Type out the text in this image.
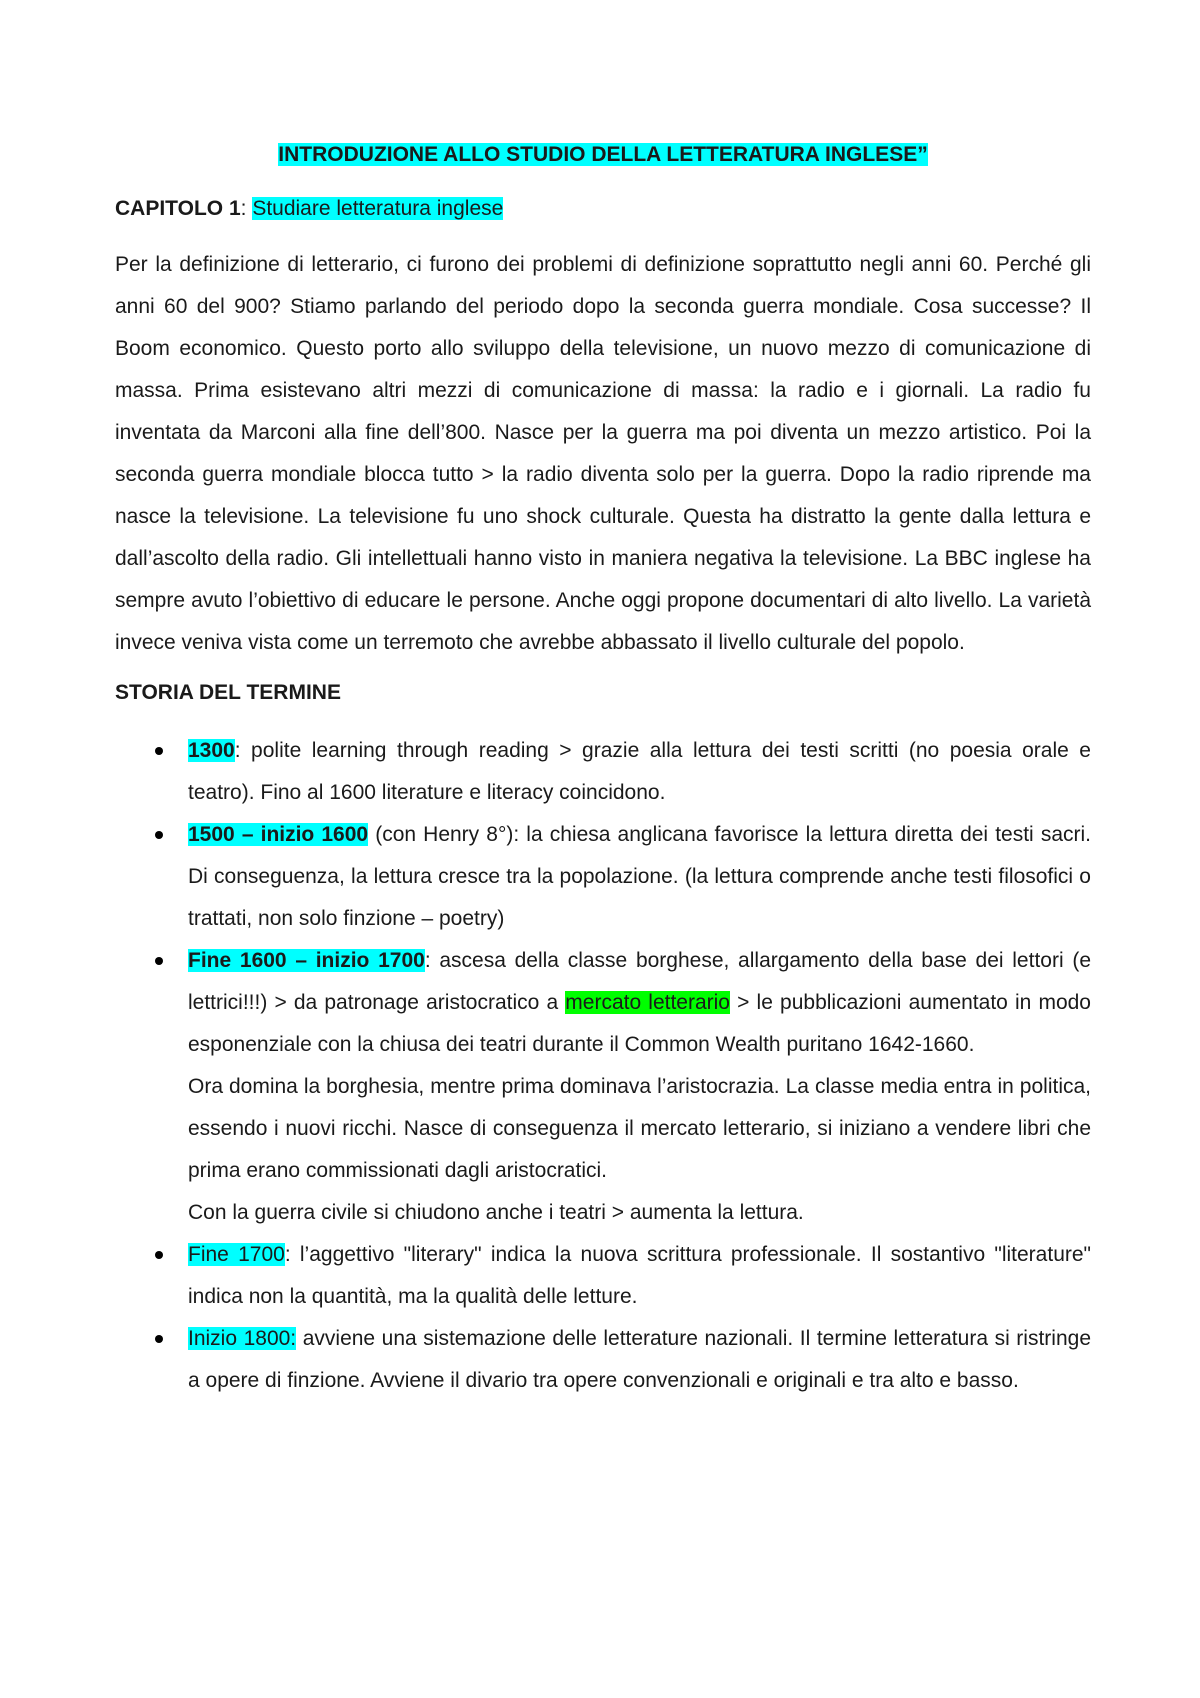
INTRODUZIONE ALLO STUDIO DELLA LETTERATURA INGLESE”
CAPITOLO 1: Studiare letteratura inglese

Per la definizione di letterario, ci furono dei problemi di definizione soprattutto negli anni 60. Perché gli anni 60 del 900? Stiamo parlando del periodo dopo la seconda guerra mondiale. Cosa successe? Il Boom economico. Questo porto allo sviluppo della televisione, un nuovo mezzo di comunicazione di massa. Prima esistevano altri mezzi di comunicazione di massa: la radio e i giornali. La radio fu inventata da Marconi alla fine dell’800. Nasce per la guerra ma poi diventa un mezzo artistico. Poi la seconda guerra mondiale blocca tutto > la radio diventa solo per la guerra. Dopo la radio riprende ma nasce la televisione. La televisione fu uno shock culturale. Questa ha distratto la gente dalla lettura e dall’ascolto della radio. Gli intellettuali hanno visto in maniera negativa la televisione. La BBC inglese ha sempre avuto l’obiettivo di educare le persone. Anche oggi propone documentari di alto livello. La varietà invece veniva vista come un terremoto che avrebbe abbassato il livello culturale del popolo.

STORIA DEL TERMINE
1300: polite learning through reading > grazie alla lettura dei testi scritti (no poesia orale e teatro). Fino al 1600 literature e literacy coincidono.
1500 – inizio 1600 (con Henry 8°): la chiesa anglicana favorisce la lettura diretta dei testi sacri. Di conseguenza, la lettura cresce tra la popolazione. (la lettura comprende anche testi filosofici o trattati, non solo finzione – poetry)
Fine 1600 – inizio 1700: ascesa della classe borghese, allargamento della base dei lettori (e lettrici!!!) > da patronage aristocratico a mercato letterario > le pubblicazioni aumentato in modo esponenziale con la chiusa dei teatri durante il Common Wealth puritano 1642-1660.
Ora domina la borghesia, mentre prima dominava l’aristocrazia. La classe media entra in politica, essendo i nuovi ricchi. Nasce di conseguenza il mercato letterario, si iniziano a vendere libri che prima erano commissionati dagli aristocratici.
Con la guerra civile si chiudono anche i teatri > aumenta la lettura.
Fine 1700: l’aggettivo "literary" indica la nuova scrittura professionale. Il sostantivo "literature" indica non la quantità, ma la qualità delle letture.
Inizio 1800: avviene una sistemazione delle letterature nazionali. Il termine letteratura si ristringe a opere di finzione. Avviene il divario tra opere convenzionali e originali e tra alto e basso.
